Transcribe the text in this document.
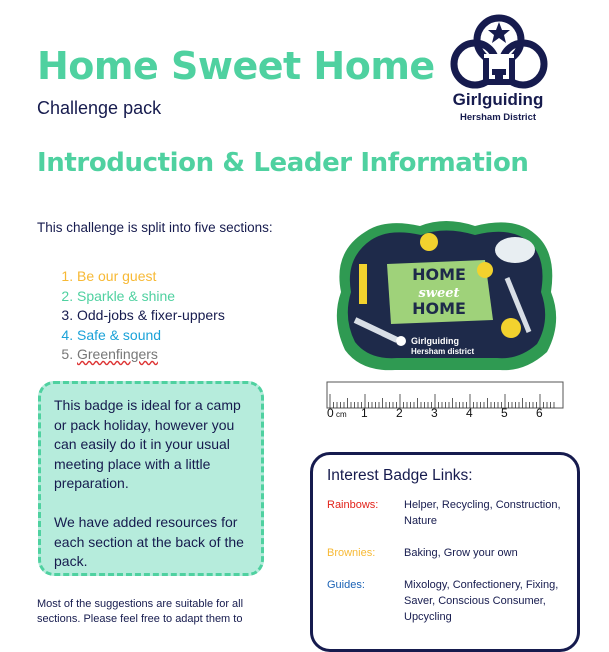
Home Sweet Home
Challenge pack	Girlguiding
Hersham District
Introduction & Leader Information
This challenge is split into five sections:
1. Be our guest
2. Sparkle & shine
3. Odd-jobs & fixer-uppers
4. Safe & sound
5. Greenfingers

This badge is ideal for a camp or pack holiday, however you can easily do it in your usual meeting place with a little preparation.

We have added resources for each section at the back of the pack.

Most of the suggestions are suitable for all sections. Please feel free to adapt them to
HOME
sweet
HOME
Girlguiding
Hersham district
0 cm 1 2 3 4 5 6
Interest Badge Links:
Rainbows:	Helper, Recycling, Construction, Nature
Brownies:	Baking, Grow your own
Guides:	Mixology, Confectionery, Fixing, Saver, Conscious Consumer, Upcycling
